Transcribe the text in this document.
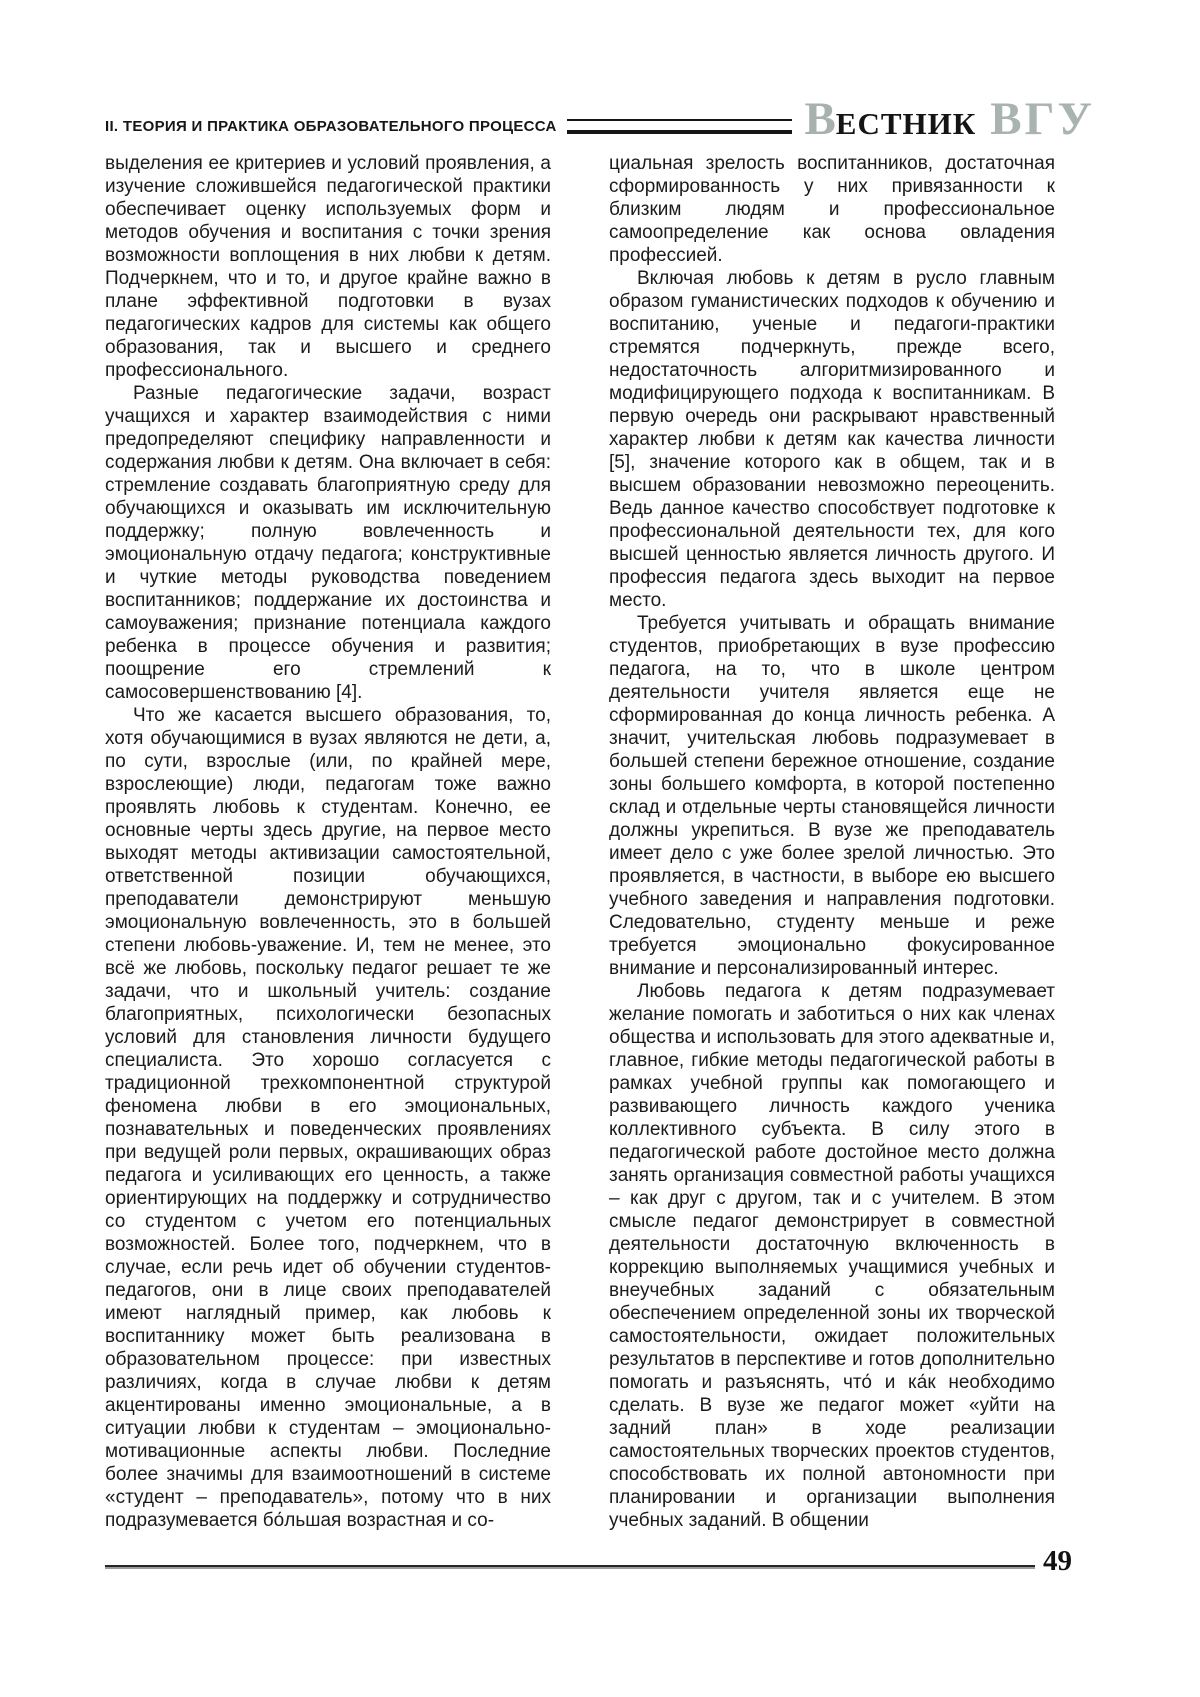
II. ТЕОРИЯ И ПРАКТИКА ОБРАЗОВАТЕЛЬНОГО ПРОЦЕССА	В ЕСТНИК ВГУ

выделения ее критериев и условий проявления, а изучение сложившейся педагогической практики обеспечивает оценку используемых форм и методов обучения и воспитания с точки зрения возможности воплощения в них любви к детям. Подчеркнем, что и то, и другое крайне важно в плане эффективной подготовки в вузах педагогических кадров для системы как общего образования, так и высшего и среднего профессионального.

Разные педагогические задачи, возраст учащихся и характер взаимодействия с ними предопределяют специфику направленности и содержания любви к детям. Она включает в себя: стремление создавать благоприятную среду для обучающихся и оказывать им исключительную поддержку; полную вовлеченность и эмоциональную отдачу педагога; конструктивные и чуткие методы руководства поведением воспитанников; поддержание их достоинства и самоуважения; признание потенциала каждого ребенка в процессе обучения и развития; поощрение его стремлений к самосовершенствованию [4].

Что же касается высшего образования, то, хотя обучающимися в вузах являются не дети, а, по сути, взрослые (или, по крайней мере, взрослеющие) люди, педагогам тоже важно проявлять любовь к студентам. Конечно, ее основные черты здесь другие, на первое место выходят методы активизации самостоятельной, ответственной позиции обучающихся, преподаватели демонстрируют меньшую эмоциональную вовлеченность, это в большей степени любовь-уважение. И, тем не менее, это всё же любовь, поскольку педагог решает те же задачи, что и школьный учитель: создание благоприятных, психологически безопасных условий для становления личности будущего специалиста. Это хорошо согласуется с традиционной трехкомпонентной структурой феномена любви в его эмоциональных, познавательных и поведенческих проявлениях при ведущей роли первых, окрашивающих образ педагога и усиливающих его ценность, а также ориентирующих на поддержку и сотрудничество со студентом с учетом его потенциальных возможностей. Более того, подчеркнем, что в случае, если речь идет об обучении студентов-педагогов, они в лице своих преподавателей имеют наглядный пример, как любовь к воспитаннику может быть реализована в образовательном процессе: при известных различиях, когда в случае любви к детям акцентированы именно эмоциональные, а в ситуации любви к студентам – эмоционально-мотивационные аспекты любви. Последние более значимы для взаимоотношений в системе «студент – преподаватель», потому что в них подразумевается бо́льшая возрастная и со-

циальная зрелость воспитанников, достаточная сформированность у них привязанности к близким людям и профессиональное самоопределение как основа овладения профессией.

Включая любовь к детям в русло главным образом гуманистических подходов к обучению и воспитанию, ученые и педагоги-практики стремятся подчеркнуть, прежде всего, недостаточность алгоритмизированного и модифицирующего подхода к воспитанникам. В первую очередь они раскрывают нравственный характер любви к детям как качества личности [5], значение которого как в общем, так и в высшем образовании невозможно переоценить. Ведь данное качество способствует подготовке к профессиональной деятельности тех, для кого высшей ценностью является личность другого. И профессия педагога здесь выходит на первое место.

Требуется учитывать и обращать внимание студентов, приобретающих в вузе профессию педагога, на то, что в школе центром деятельности учителя является еще не сформированная до конца личность ребенка. А значит, учительская любовь подразумевает в большей степени бережное отношение, создание зоны большего комфорта, в которой постепенно склад и отдельные черты становящейся личности должны укрепиться. В вузе же преподаватель имеет дело с уже более зрелой личностью. Это проявляется, в частности, в выборе ею высшего учебного заведения и направления подготовки. Следовательно, студенту меньше и реже требуется эмоционально фокусированное внимание и персонализированный интерес.

Любовь педагога к детям подразумевает желание помогать и заботиться о них как членах общества и использовать для этого адекватные и, главное, гибкие методы педагогической работы в рамках учебной группы как помогающего и развивающего личность каждого ученика коллективного субъекта. В силу этого в педагогической работе достойное место должна занять организация совместной работы учащихся – как друг с другом, так и с учителем. В этом смысле педагог демонстрирует в совместной деятельности достаточную включенность в коррекцию выполняемых учащимися учебных и внеучебных заданий с обязательным обеспечением определенной зоны их творческой самостоятельности, ожидает положительных результатов в перспективе и готов дополнительно помогать и разъяснять, что́ и ка́к необходимо сделать. В вузе же педагог может «уйти на задний план» в ходе реализации самостоятельных творческих проектов студентов, способствовать их полной автономности при планировании и организации выполнения учебных заданий. В общении

49
